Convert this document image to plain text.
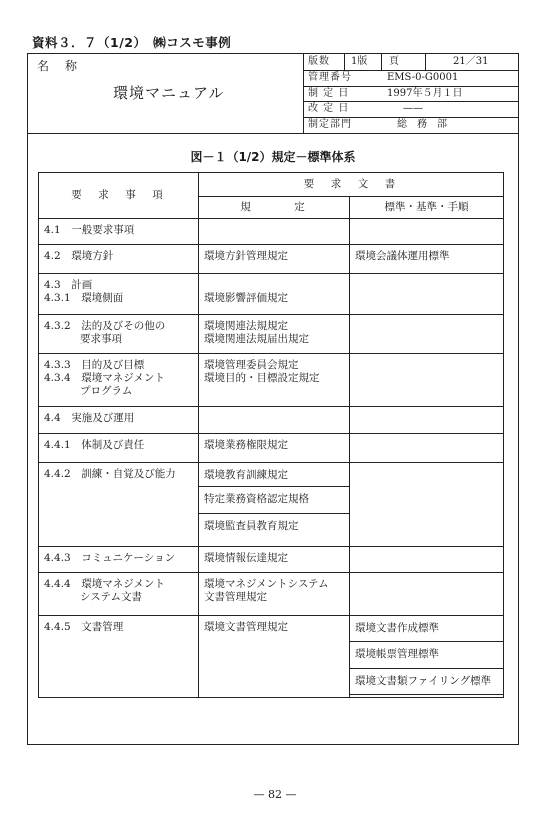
資料３．７（1/2）　㈱コスモ事例
名　称
環境マニュアル
版数 1版 頁	21／31
管理番号	EMS-0-G0001
制 定 日	1997年５月１日
改 定 日	——
制定部門	総　務　部
図－１（1/2）規定－標準体系
要　求　事　項	要　求　文　書	
	規　　　定	標準・基準・手順

4.1　一般要求事項		

4.2　環境方針	環境方針管理規定	環境会議体運用標準

4.3　計画
4.3.1　環境側面	環境影響評価規定	

4.3.2　法的及びその他の
要求事項	環境関連法規規定
環境関連法規届出規定	

4.3.3　目的及び目標
4.3.4　環境マネジメント
プログラム	環境管理委員会規定
環境目的・目標設定規定	

4.4　実施及び運用		

4.4.1　体制及び責任	環境業務権限規定	

4.4.2　訓練・自覚及び能力	環境教育訓練規定
特定業務資格認定規格
環境監査員教育規定	

4.4.3　コミュニケーション	環境情報伝達規定	

4.4.4　環境マネジメント
システム文書	環境マネジメントシステム
文書管理規定	

4.4.5　文書管理	環境文書管理規定	環境文書作成標準
環境帳票管理標準
環境文書類ファイリング標準
— 82 —
